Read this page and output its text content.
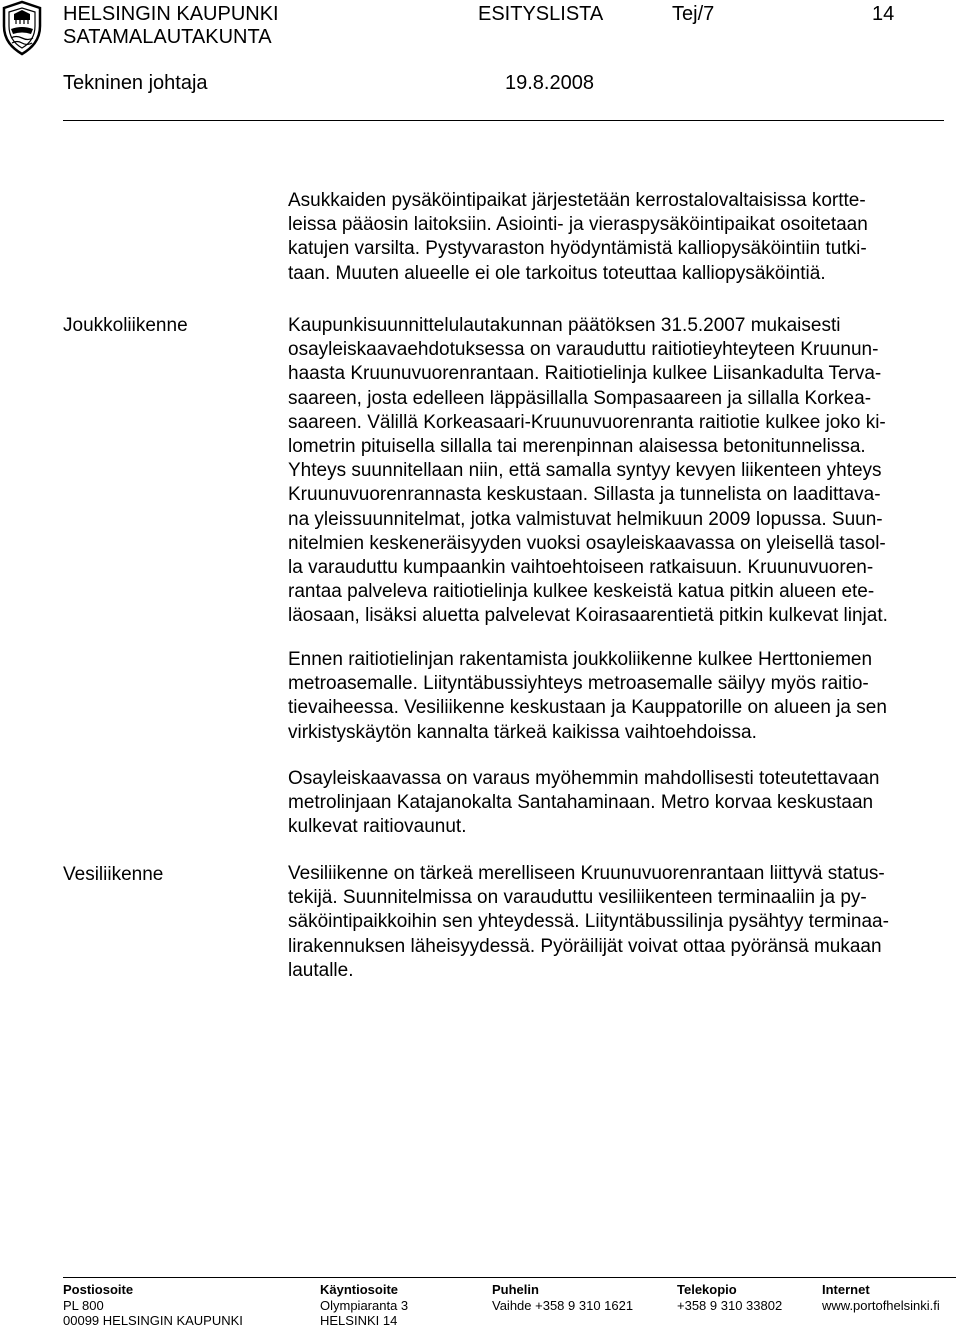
HELSINGIN KAUPUNKI
SATAMALAUTAKUNTA
ESITYSLISTA	Tej/7	14
Tekninen johtaja	19.8.2008
Asukkaiden pysäköintipaikat järjestetään kerrostalovaltaisissa kortte-
leissa pääosin laitoksiin. Asiointi- ja vieraspysäköintipaikat osoitetaan
katujen varsilta. Pystyvaraston hyödyntämistä kalliopysäköintiin tutki-
taan. Muuten alueelle ei ole tarkoitus toteuttaa kalliopysäköintiä.
Joukkoliikenne	Kaupunkisuunnittelulautakunnan päätöksen 31.5.2007 mukaisesti
osayleiskaavaehdotuksessa on varauduttu raitiotieyhteyteen Kruunun-
haasta Kruunuvuorenrantaan. Raitiotielinja kulkee Liisankadulta Terva-
saareen, josta edelleen läppäsillalla Sompasaareen ja sillalla Korkea-
saareen. Välillä Korkeasaari-Kruunuvuorenranta raitiotie kulkee joko ki-
lometrin pituisella sillalla tai merenpinnan alaisessa betonitunnelissa.
Yhteys suunnitellaan niin, että samalla syntyy kevyen liikenteen yhteys
Kruunuvuorenrannasta keskustaan. Sillasta ja tunnelista on laadittava-
na yleissuunnitelmat, jotka valmistuvat helmikuun 2009 lopussa. Suun-
nitelmien keskeneräisyyden vuoksi osayleiskaavassa on yleisellä tasol-
la varauduttu kumpaankin vaihtoehtoiseen ratkaisuun. Kruunuvuoren-
rantaa palveleva raitiotielinja kulkee keskeistä katua pitkin alueen ete-
läosaan, lisäksi aluetta palvelevat Koirasaarentietä pitkin kulkevat linjat.
Ennen raitiotielinjan rakentamista joukkoliikenne kulkee Herttoniemen
metroasemalle. Liityntäbussiyhteys metroasemalle säilyy myös raitio-
tievaiheessa. Vesiliikenne keskustaan ja Kauppatorille on alueen ja sen
virkistyskäytön kannalta tärkeä kaikissa vaihtoehdoissa.
Osayleiskaavassa on varaus myöhemmin mahdollisesti toteutettavaan
metrolinjaan Katajanokalta Santahaminaan. Metro korvaa keskustaan
kulkevat raitiovaunut.
Vesiliikenne	Vesiliikenne on tärkeä merelliseen Kruunuvuorenrantaan liittyvä status-
tekijä. Suunnitelmissa on varauduttu vesiliikenteen terminaaliin ja py-
säköintipaikkoihin sen yhteydessä. Liityntäbussilinja pysähtyy terminaa-
lirakennuksen läheisyydessä. Pyöräilijät voivat ottaa pyöränsä mukaan
lautalle.
Postiosoite
PL 800
00099 HELSINGIN KAUPUNKI
Käyntiosoite
Olympiaranta 3
HELSINKI 14
Puhelin
Vaihde +358 9 310 1621
Telekopio
+358 9 310 33802
Internet
www.portofhelsinki.fi
